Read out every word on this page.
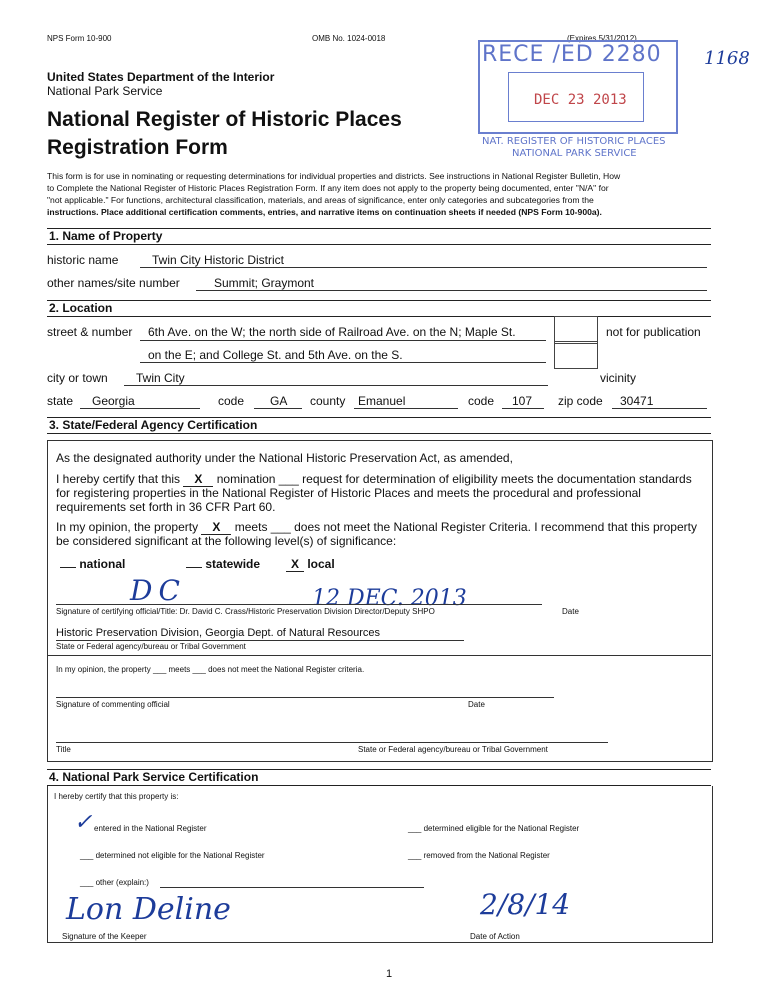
NPS Form 10-900	OMB No. 1024-0018	(Expires 5/31/2012)
1168
RECE /ED 2280
DEC 23 2013
NAT. REGISTER OF HISTORIC PLACES
NATIONAL PARK SERVICE
United States Department of the Interior
National Park Service
National Register of Historic Places
Registration Form
This form is for use in nominating or requesting determinations for individual properties and districts. See instructions in National Register Bulletin, How
to Complete the National Register of Historic Places Registration Form. If any item does not apply to the property being documented, enter "N/A" for
"not applicable." For functions, architectural classification, materials, and areas of significance, enter only categories and subcategories from the
instructions. Place additional certification comments, entries, and narrative items on continuation sheets if needed (NPS Form 10-900a).
1. Name of Property
historic name	Twin City Historic District
other names/site number	Summit; Graymont
2. Location
street & number 6th Ave. on the W; the north side of Railroad Ave. on the N; Maple St.
on the E; and College St. and 5th Ave. on the S.
not for publication
city or town Twin City	vicinity
state Georgia	code GA county Emanuel	code 107 zip code 30471
3. State/Federal Agency Certification
As the designated authority under the National Historic Preservation Act, as amended,
I hereby certify that this X nomination ___ request for determination of eligibility meets the documentation standards
for registering properties in the National Register of Historic Places and meets the procedural and professional
requirements set forth in 36 CFR Part 60.
In my opinion, the property X meets ___ does not meet the National Register Criteria. I recommend that this property
be considered significant at the following level(s) of significance:
national	statewide	X local
DC	12 DEC. 2013
Signature of certifying official/Title: Dr. David C. Crass/Historic Preservation Division Director/Deputy SHPO	Date
Historic Preservation Division, Georgia Dept. of Natural Resources
State or Federal agency/bureau or Tribal Government
In my opinion, the property ___ meets ___ does not meet the National Register criteria.
Signature of commenting official	Date
Title	State or Federal agency/bureau or Tribal Government
4. National Park Service Certification
I hereby certify that this property is:
✓ entered in the National Register	___ determined eligible for the National Register
___ determined not eligible for the National Register	___ removed from the National Register
___ other (explain:)
Lon Deline	2/8/14
Signature of the Keeper	Date of Action
1
